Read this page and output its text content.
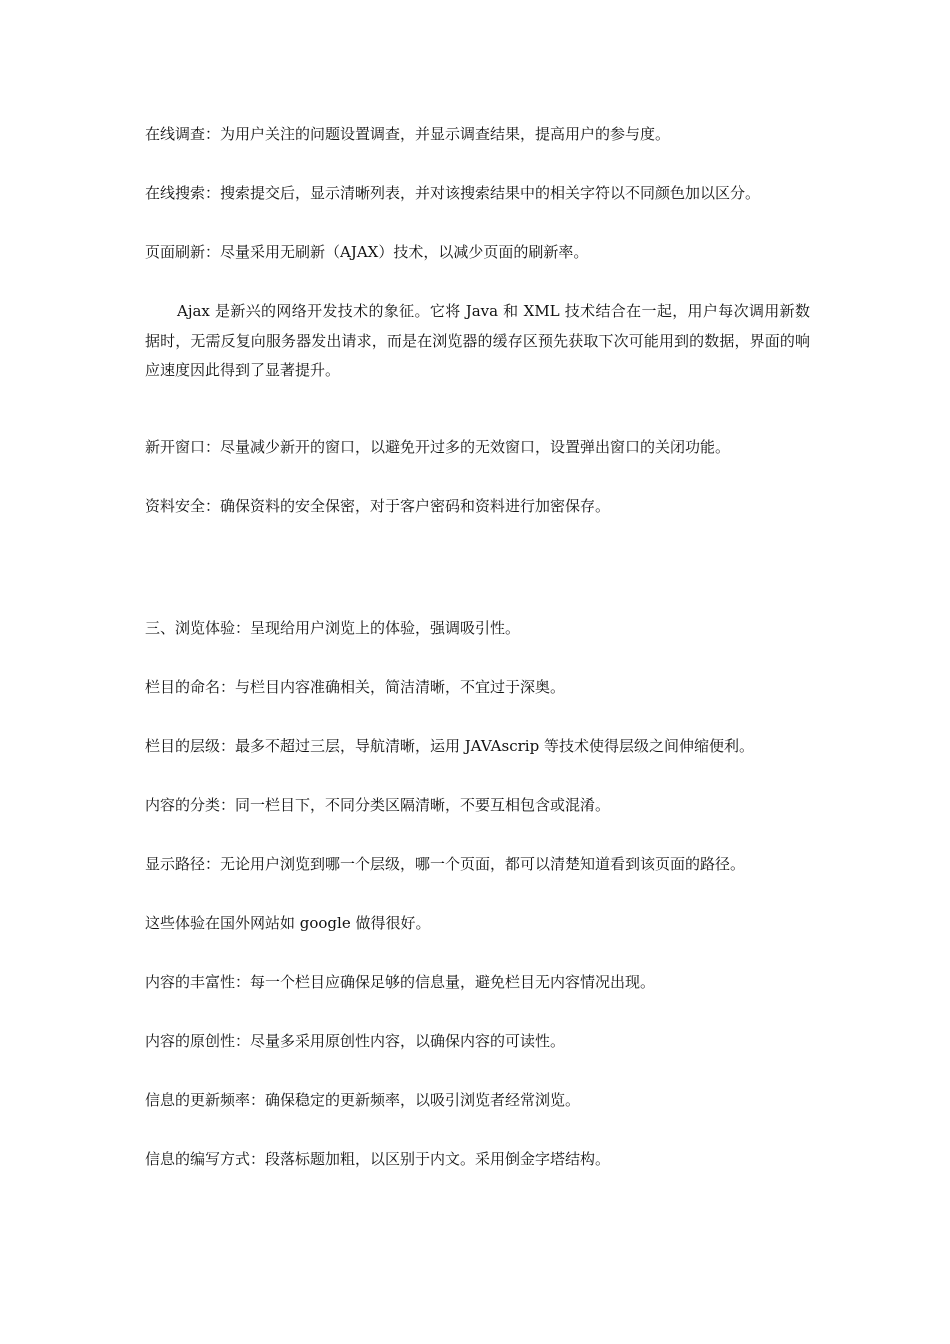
在线调查：为用户关注的问题设置调查，并显示调查结果，提高用户的参与度。
在线搜索：搜索提交后，显示清晰列表，并对该搜索结果中的相关字符以不同颜色加以区分。
页面刷新：尽量采用无刷新（AJAX）技术，以减少页面的刷新率。
Ajax 是新兴的网络开发技术的象征。它将 Java 和 XML 技术结合在一起，用户每次调用新数据时，无需反复向服务器发出请求，而是在浏览器的缓存区预先获取下次可能用到的数据，界面的响应速度因此得到了显著提升。
新开窗口：尽量减少新开的窗口，以避免开过多的无效窗口，设置弹出窗口的关闭功能。
资料安全：确保资料的安全保密，对于客户密码和资料进行加密保存。
三、浏览体验：呈现给用户浏览上的体验，强调吸引性。
栏目的命名：与栏目内容准确相关，简洁清晰，不宜过于深奥。
栏目的层级：最多不超过三层，导航清晰，运用 JAVAscrip 等技术使得层级之间伸缩便利。
内容的分类：同一栏目下，不同分类区隔清晰，不要互相包含或混淆。
显示路径：无论用户浏览到哪一个层级，哪一个页面，都可以清楚知道看到该页面的路径。
这些体验在国外网站如 google 做得很好。
内容的丰富性：每一个栏目应确保足够的信息量，避免栏目无内容情况出现。
内容的原创性：尽量多采用原创性内容，以确保内容的可读性。
信息的更新频率：确保稳定的更新频率，以吸引浏览者经常浏览。
信息的编写方式：段落标题加粗，以区别于内文。采用倒金字塔结构。
